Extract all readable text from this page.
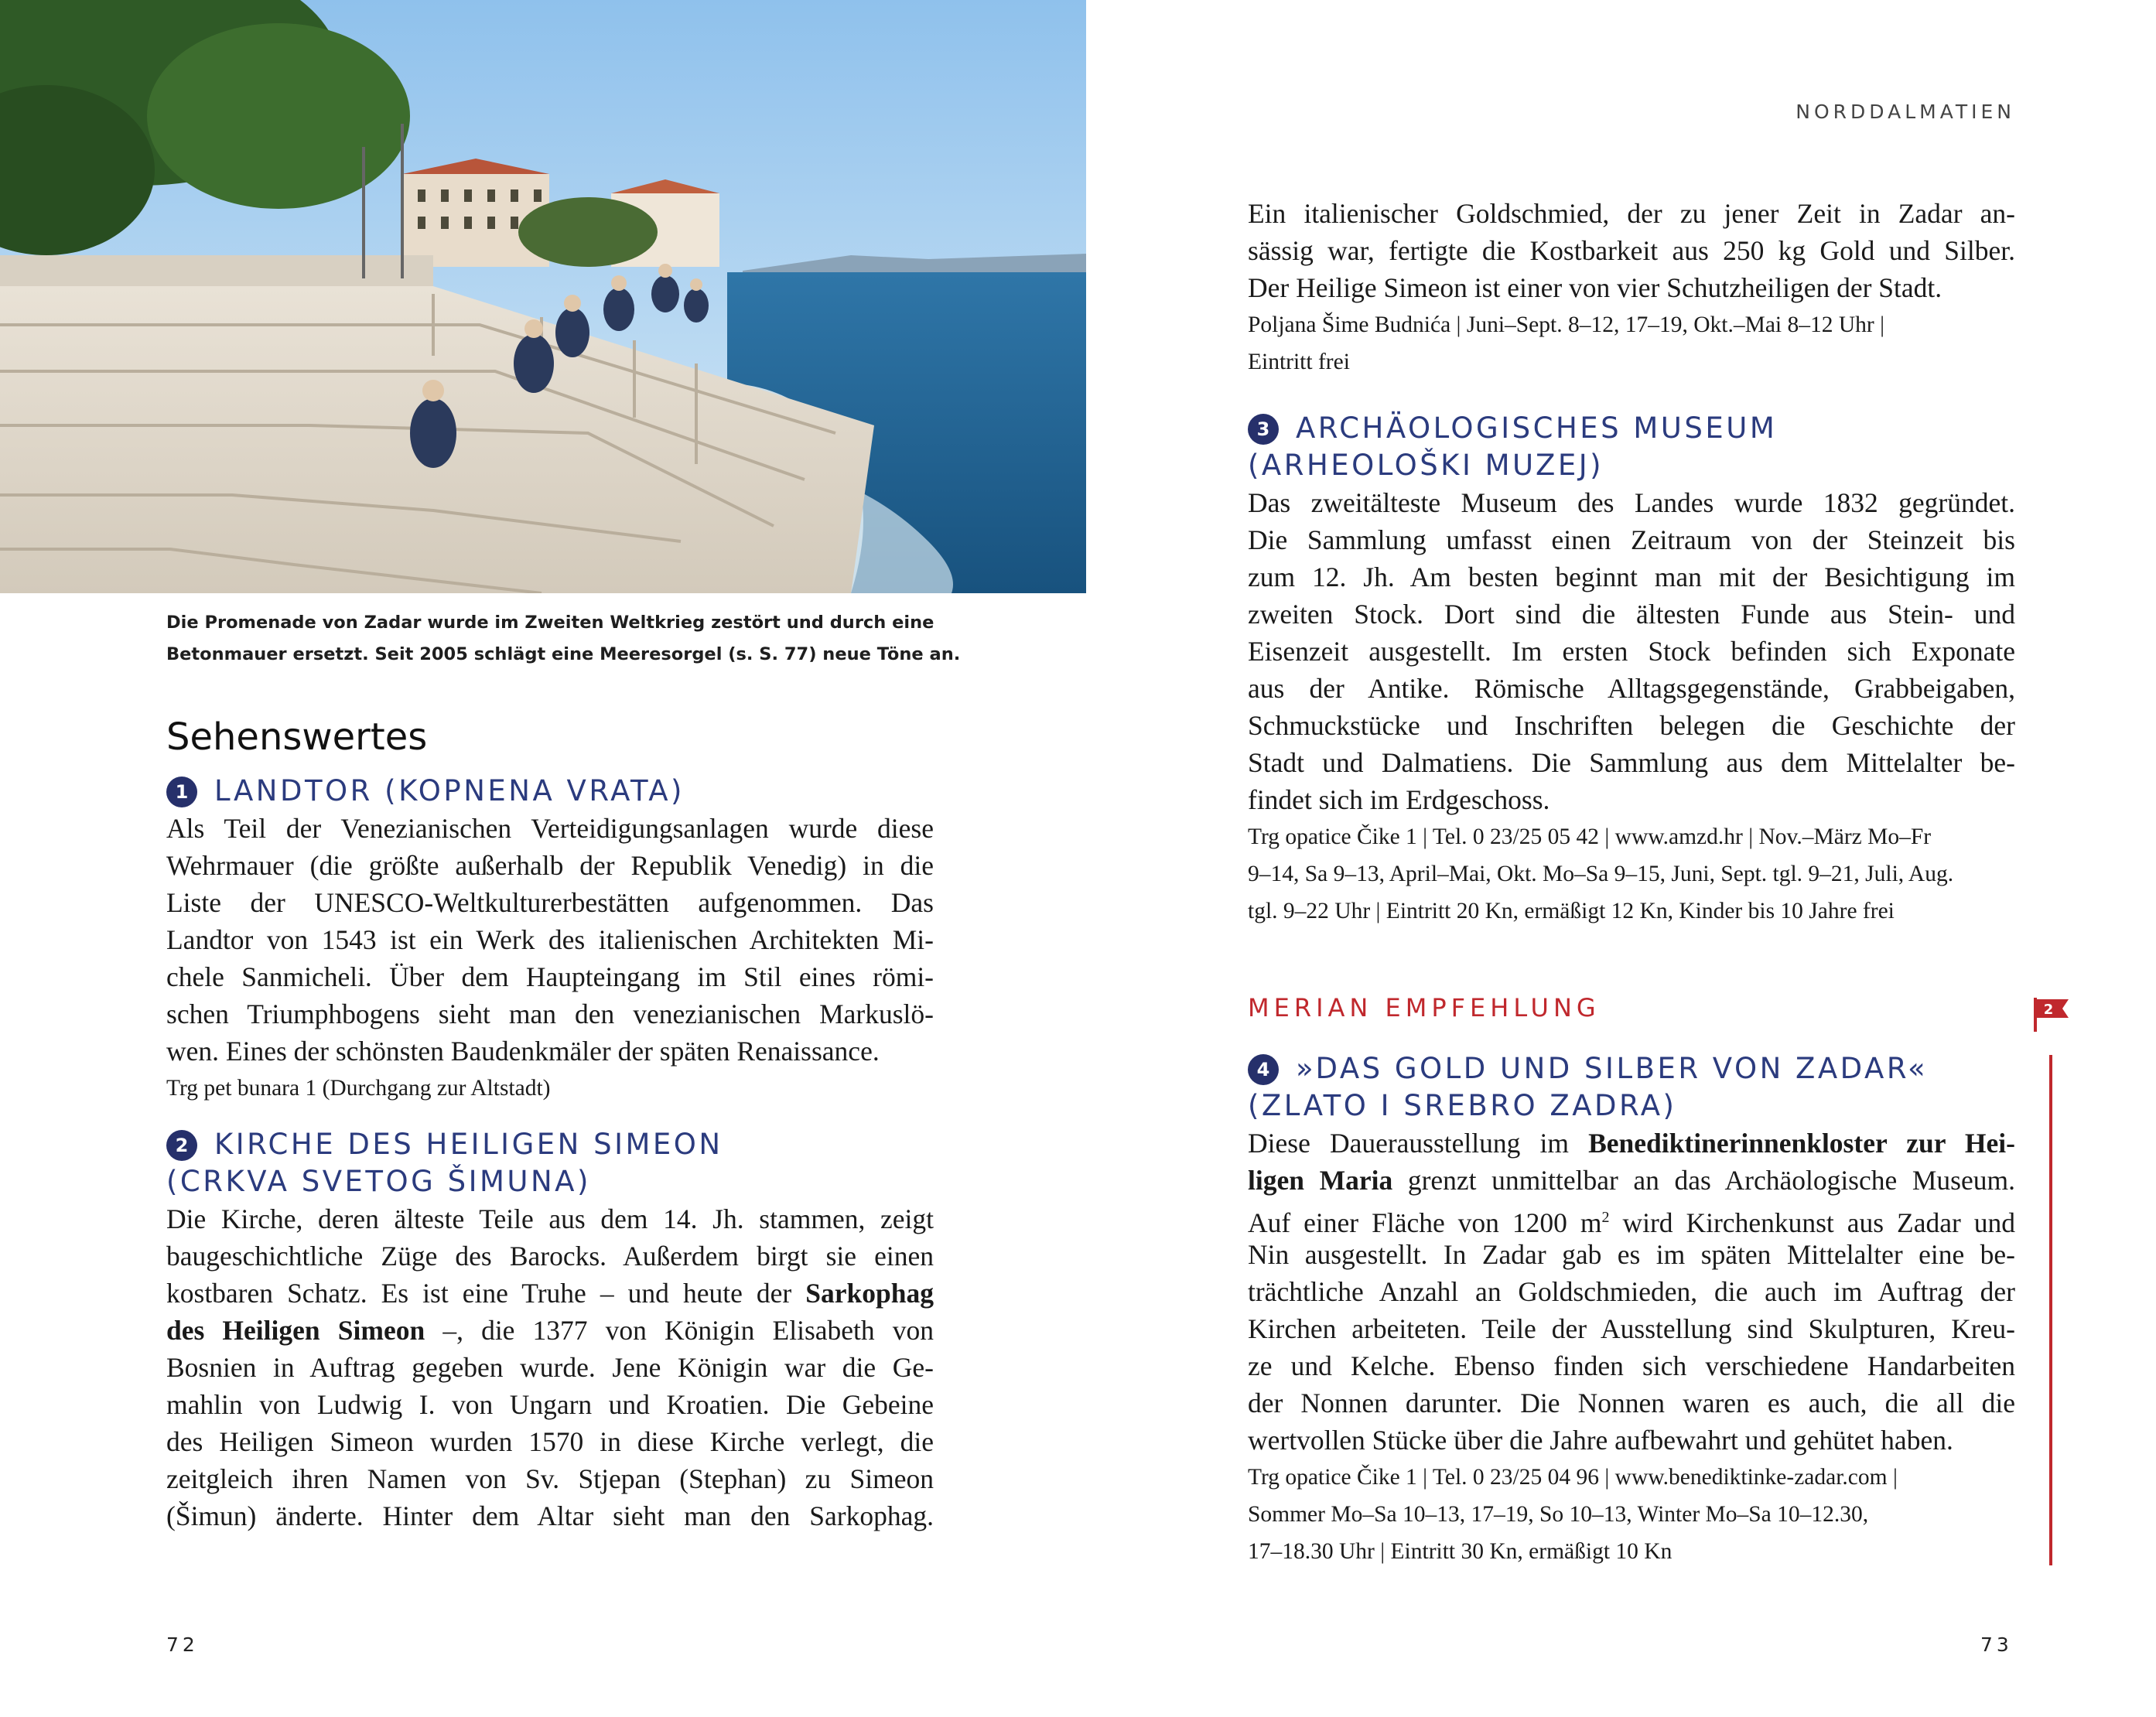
Die Promenade von Zadar wurde im Zweiten Weltkrieg zestört und durch eine
Betonmauer ersetzt. Seit 2005 schlägt eine Meeresorgel (s. S. 77) neue Töne an.
NORDDALMATIEN
Sehenswertes
1 LANDTOR (KOPNENA VRATA)
Als Teil der Venezianischen Verteidigungsanlagen wurde diese
Wehrmauer (die größte außerhalb der Republik Venedig) in die
Liste der UNESCO-Weltkulturerbestätten aufgenommen. Das
Landtor von 1543 ist ein Werk des italienischen Architekten Mi-
chele Sanmicheli. Über dem Haupteingang im Stil eines römi-
schen Triumphbogens sieht man den venezianischen Markuslö-
wen. Eines der schönsten Baudenkmäler der späten Renaissance.
Trg pet bunara 1 (Durchgang zur Altstadt)
2 KIRCHE DES HEILIGEN SIMEON
(CRKVA SVETOG ŠIMUNA)
Die Kirche, deren älteste Teile aus dem 14. Jh. stammen, zeigt
baugeschichtliche Züge des Barocks. Außerdem birgt sie einen
kostbaren Schatz. Es ist eine Truhe – und heute der Sarkophag
des Heiligen Simeon –, die 1377 von Königin Elisabeth von
Bosnien in Auftrag gegeben wurde. Jene Königin war die Ge-
mahlin von Ludwig I. von Ungarn und Kroatien. Die Gebeine
des Heiligen Simeon wurden 1570 in diese Kirche verlegt, die
zeitgleich ihren Namen von Sv. Stjepan (Stephan) zu Simeon
(Šimun) änderte. Hinter dem Altar sieht man den Sarkophag.
72
Ein italienischer Goldschmied, der zu jener Zeit in Zadar an-
sässig war, fertigte die Kostbarkeit aus 250 kg Gold und Silber.
Der Heilige Simeon ist einer von vier Schutzheiligen der Stadt.
Poljana Šime Budnića | Juni–Sept. 8–12, 17–19, Okt.–Mai 8–12 Uhr |
Eintritt frei
3 ARCHÄOLOGISCHES MUSEUM
(ARHEOLOŠKI MUZEJ)
Das zweitälteste Museum des Landes wurde 1832 gegründet.
Die Sammlung umfasst einen Zeitraum von der Steinzeit bis
zum 12. Jh. Am besten beginnt man mit der Besichtigung im
zweiten Stock. Dort sind die ältesten Funde aus Stein- und
Eisenzeit ausgestellt. Im ersten Stock befinden sich Exponate
aus der Antike. Römische Alltagsgegenstände, Grabbeigaben,
Schmuckstücke und Inschriften belegen die Geschichte der
Stadt und Dalmatiens. Die Sammlung aus dem Mittelalter be-
findet sich im Erdgeschoss.
Trg opatice Čike 1 | Tel. 0 23/25 05 42 | www.amzd.hr | Nov.–März Mo–Fr
9–14, Sa 9–13, April–Mai, Okt. Mo–Sa 9–15, Juni, Sept. tgl. 9–21, Juli, Aug.
tgl. 9–22 Uhr | Eintritt 20 Kn, ermäßigt 12 Kn, Kinder bis 10 Jahre frei
MERIAN EMPFEHLUNG
4 »DAS GOLD UND SILBER VON ZADAR«
(ZLATO I SREBRO ZADRA)
Diese Dauerausstellung im Benediktinerinnenkloster zur Hei-
ligen Maria grenzt unmittelbar an das Archäologische Museum.
Auf einer Fläche von 1200 $m^2$ wird Kirchenkunst aus Zadar und
Nin ausgestellt. In Zadar gab es im späten Mittelalter eine be-
trächtliche Anzahl an Goldschmieden, die auch im Auftrag der
Kirchen arbeiteten. Teile der Ausstellung sind Skulpturen, Kreu-
ze und Kelche. Ebenso finden sich verschiedene Handarbeiten
der Nonnen darunter. Die Nonnen waren es auch, die all die
wertvollen Stücke über die Jahre aufbewahrt und gehütet haben.
Trg opatice Čike 1 | Tel. 0 23/25 04 96 | www.benediktinke-zadar.com |
Sommer Mo–Sa 10–13, 17–19, So 10–13, Winter Mo–Sa 10–12.30,
17–18.30 Uhr | Eintritt 30 Kn, ermäßigt 10 Kn
2
73
